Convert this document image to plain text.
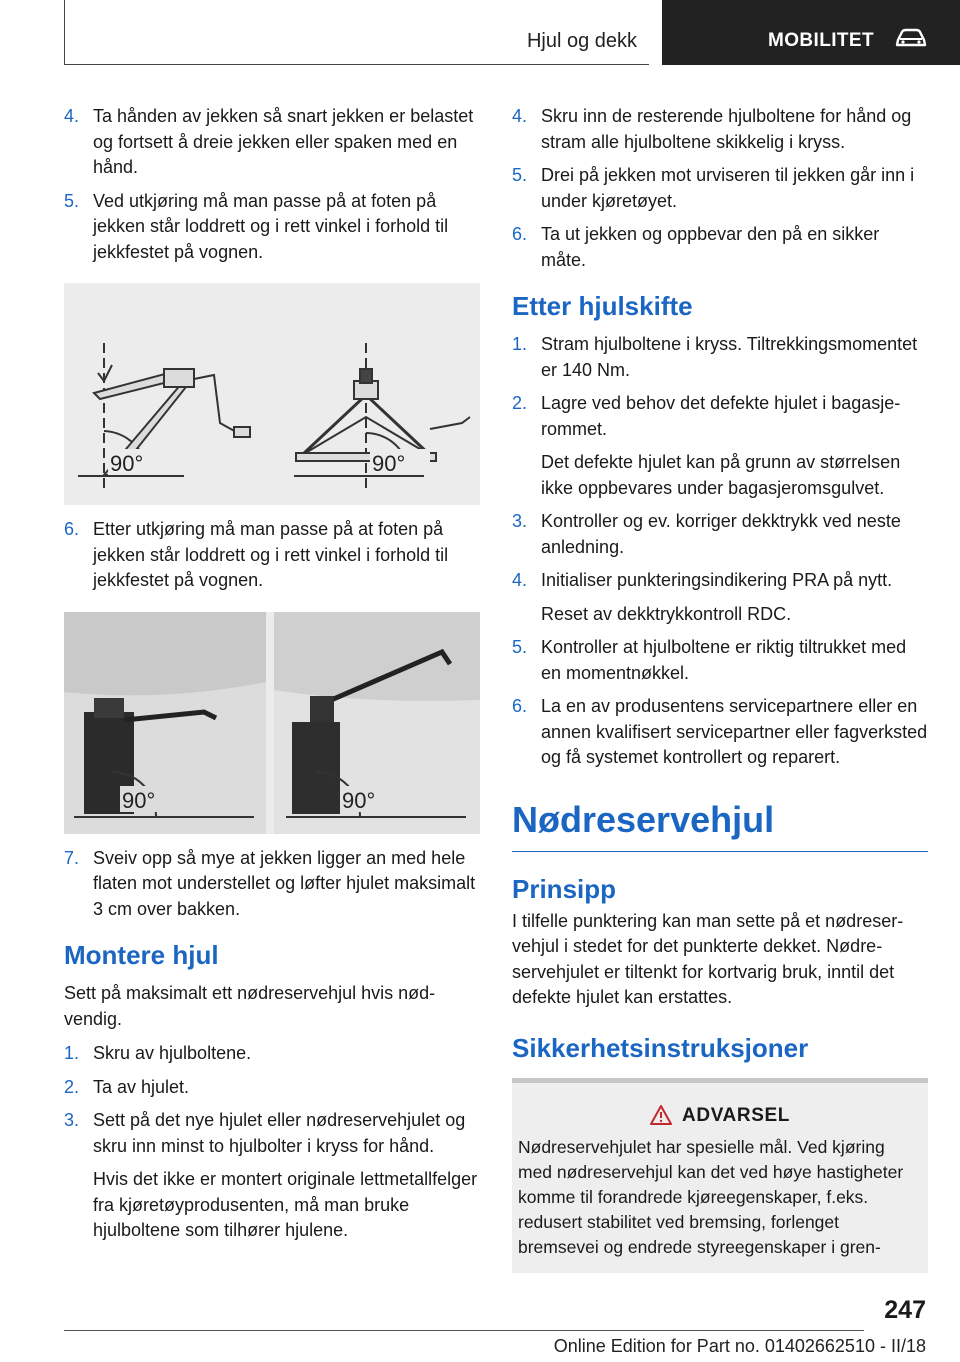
Hjul og dekk	MOBILITET
4. Ta hånden av jekken så snart jekken er belastet og fortsett å dreie jekken eller spaken med en hånd.
5. Ved utkjøring må man passe på at foten på jekken står loddrett og i rett vinkel i forhold til jekkfestet på vognen.
90°	90°
6. Etter utkjøring må man passe på at foten på jekken står loddrett og i rett vinkel i forhold til jekkfestet på vognen.
90°	90°
7. Sveiv opp så mye at jekken ligger an med hele flaten mot understellet og løfter hjulet maksimalt 3 cm over bakken.
Montere hjul

Sett på maksimalt ett nødreservehjul hvis nødvendig.

1. Skru av hjulboltene.
2. Ta av hjulet.
3. Sett på det nye hjulet eller nødreservehjulet og skru inn minst to hjulbolter i kryss for hånd.
Hvis det ikke er montert originale lettmetallfelger fra kjøretøyprodusenten, må man bruke hjulboltene som tilhører hjulene.
4. Skru inn de resterende hjulboltene for hånd og stram alle hjulboltene skikkelig i kryss.
5. Drei på jekken mot urviseren til jekken går inn i under kjøretøyet.
6. Ta ut jekken og oppbevar den på en sikker måte.
Etter hjulskifte
1. Stram hjulboltene i kryss. Tiltrekkingsmomentet er 140 Nm.
2. Lagre ved behov det defekte hjulet i bagasjerommet.
Det defekte hjulet kan på grunn av størrelsen ikke oppbevares under bagasjeromsgulvet.
3. Kontroller og ev. korriger dekktrykk ved neste anledning.
4. Initialiser punkteringsindikering PRA på nytt.
Reset av dekktrykkontroll RDC.
5. Kontroller at hjulboltene er riktig tiltrukket med en momentnøkkel.
6. La en av produsentens servicepartnere eller en annen kvalifisert servicepartner eller fagverksted og få systemet kontrollert og reparert.
Nødreservehjul
Prinsipp

I tilfelle punktering kan man sette på et nødreservehjul i stedet for det punkterte dekket. Nødreservehjulet er tiltenkt for kortvarig bruk, inntil det defekte hjulet kan erstattes.

Sikkerhetsinstruksjoner
ADVARSEL
Nødreservehjulet har spesielle mål. Ved kjøring med nødreservehjul kan det ved høye hastigheter komme til forandrede kjøreegenskaper, f.eks. redusert stabilitet ved bremsing, forlenget bremsevei og endrede styreegenskaper i gren-
247
Online Edition for Part no. 01402662510 - II/18
